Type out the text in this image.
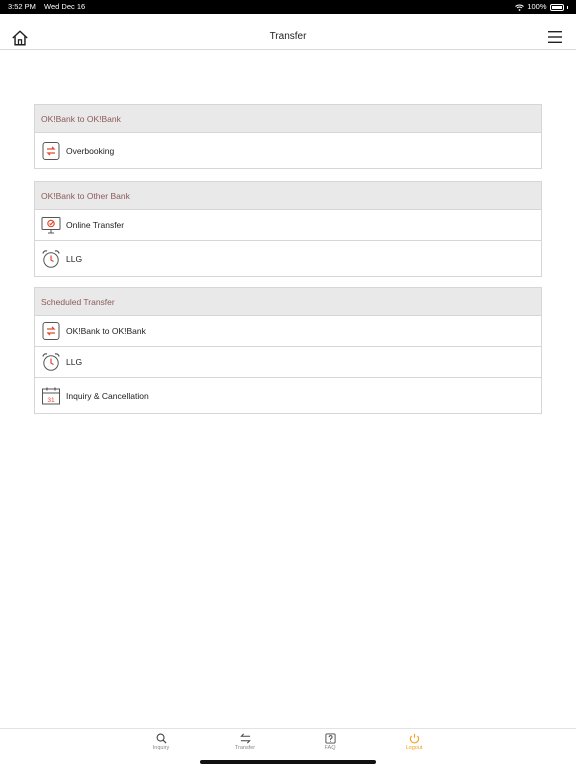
3:52 PM Wed Dec 16	100%
Transfer
OK!Bank to OK!Bank
Overbooking
OK!Bank to Other Bank
Online Transfer
LLG
Scheduled Transfer
OK!Bank to OK!Bank
LLG
31 Inquiry & Cancellation
Inquiry	Transfer	FAQ	Logout
